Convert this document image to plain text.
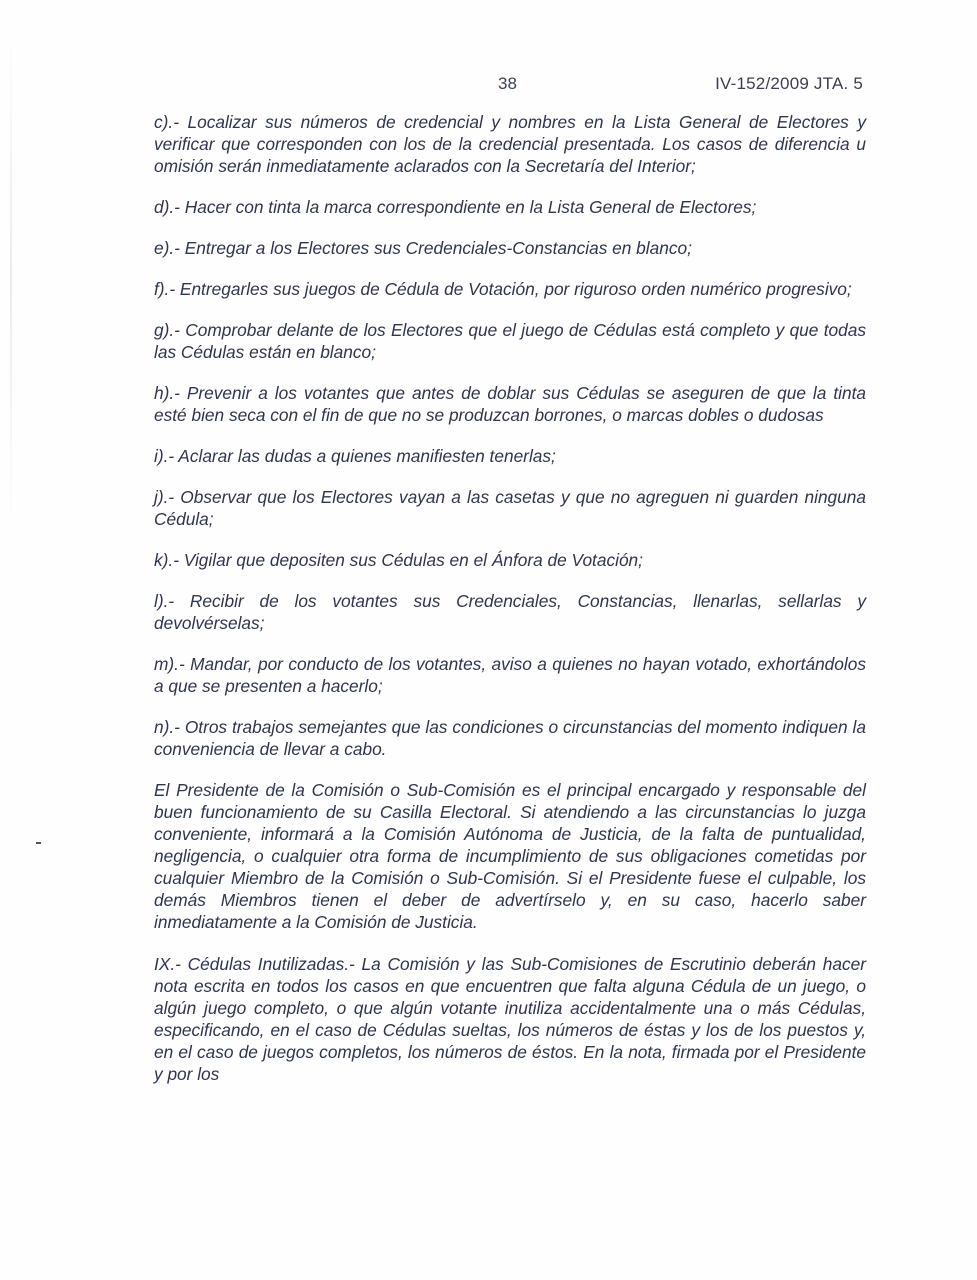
38	IV-152/2009 JTA. 5

c).- Localizar sus números de credencial y nombres en la Lista General de Electores y verificar que corresponden con los de la credencial presentada. Los casos de diferencia u omisión serán inmediatamente aclarados con la Secretaría del Interior;

d).- Hacer con tinta la marca correspondiente en la Lista General de Electores;

e).- Entregar a los Electores sus Credenciales-Constancias en blanco;

f).- Entregarles sus juegos de Cédula de Votación, por riguroso orden numérico progresivo;

g).- Comprobar delante de los Electores que el juego de Cédulas está completo y que todas las Cédulas están en blanco;

h).- Prevenir a los votantes que antes de doblar sus Cédulas se aseguren de que la tinta esté bien seca con el fin de que no se produzcan borrones, o marcas dobles o dudosas

i).- Aclarar las dudas a quienes manifiesten tenerlas;

j).- Observar que los Electores vayan a las casetas y que no agreguen ni guarden ninguna Cédula;

k).- Vigilar que depositen sus Cédulas en el Ánfora de Votación;

l).- Recibir de los votantes sus Credenciales, Constancias, llenarlas, sellarlas y devolvérselas;

m).- Mandar, por conducto de los votantes, aviso a quienes no hayan votado, exhortándolos a que se presenten a hacerlo;

n).- Otros trabajos semejantes que las condiciones o circunstancias del momento indiquen la conveniencia de llevar a cabo.

El Presidente de la Comisión o Sub-Comisión es el principal encargado y responsable del buen funcionamiento de su Casilla Electoral. Si atendiendo a las circunstancias lo juzga conveniente, informará a la Comisión Autónoma de Justicia, de la falta de puntualidad, negligencia, o cualquier otra forma de incumplimiento de sus obligaciones cometidas por cualquier Miembro de la Comisión o Sub-Comisión. Si el Presidente fuese el culpable, los demás Miembros tienen el deber de advertírselo y, en su caso, hacerlo saber inmediatamente a la Comisión de Justicia.

IX.- Cédulas Inutilizadas.- La Comisión y las Sub-Comisiones de Escrutinio deberán hacer nota escrita en todos los casos en que encuentren que falta alguna Cédula de un juego, o algún juego completo, o que algún votante inutiliza accidentalmente una o más Cédulas, especificando, en el caso de Cédulas sueltas, los números de éstas y los de los puestos y, en el caso de juegos completos, los números de éstos. En la nota, firmada por el Presidente y por los
